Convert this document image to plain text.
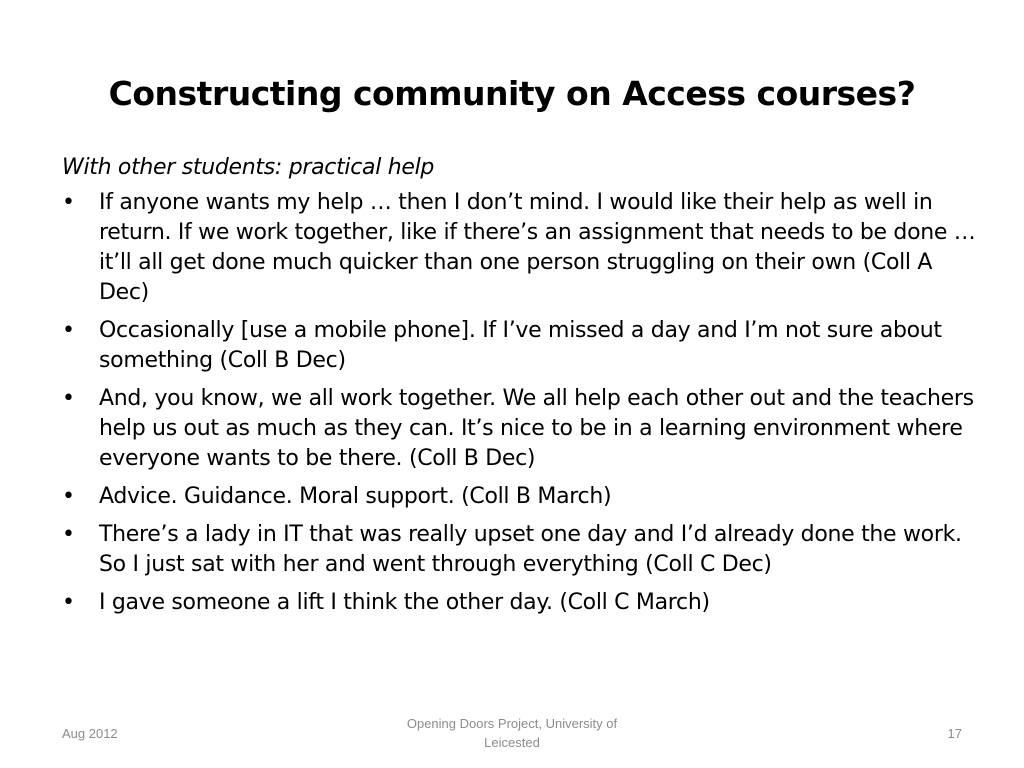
Constructing community on Access courses?
With other students: practical help
• If anyone wants my help … then I don’t mind. I would like their help as well in return. If we work together, like if there’s an assignment that needs to be done … it’ll all get done much quicker than one person struggling on their own (Coll A Dec)
• Occasionally [use a mobile phone]. If I’ve missed a day and I’m not sure about something (Coll B Dec)
• And, you know, we all work together. We all help each other out and the teachers help us out as much as they can. It’s nice to be in a learning environment where everyone wants to be there. (Coll B Dec)
• Advice. Guidance. Moral support. (Coll B March)
• There’s a lady in IT that was really upset one day and I’d already done the work. So I just sat with her and went through everything (Coll C Dec)
• I gave someone a lift I think the other day. (Coll C March)
Aug 2012
Opening Doors Project, University of Leicested
17
